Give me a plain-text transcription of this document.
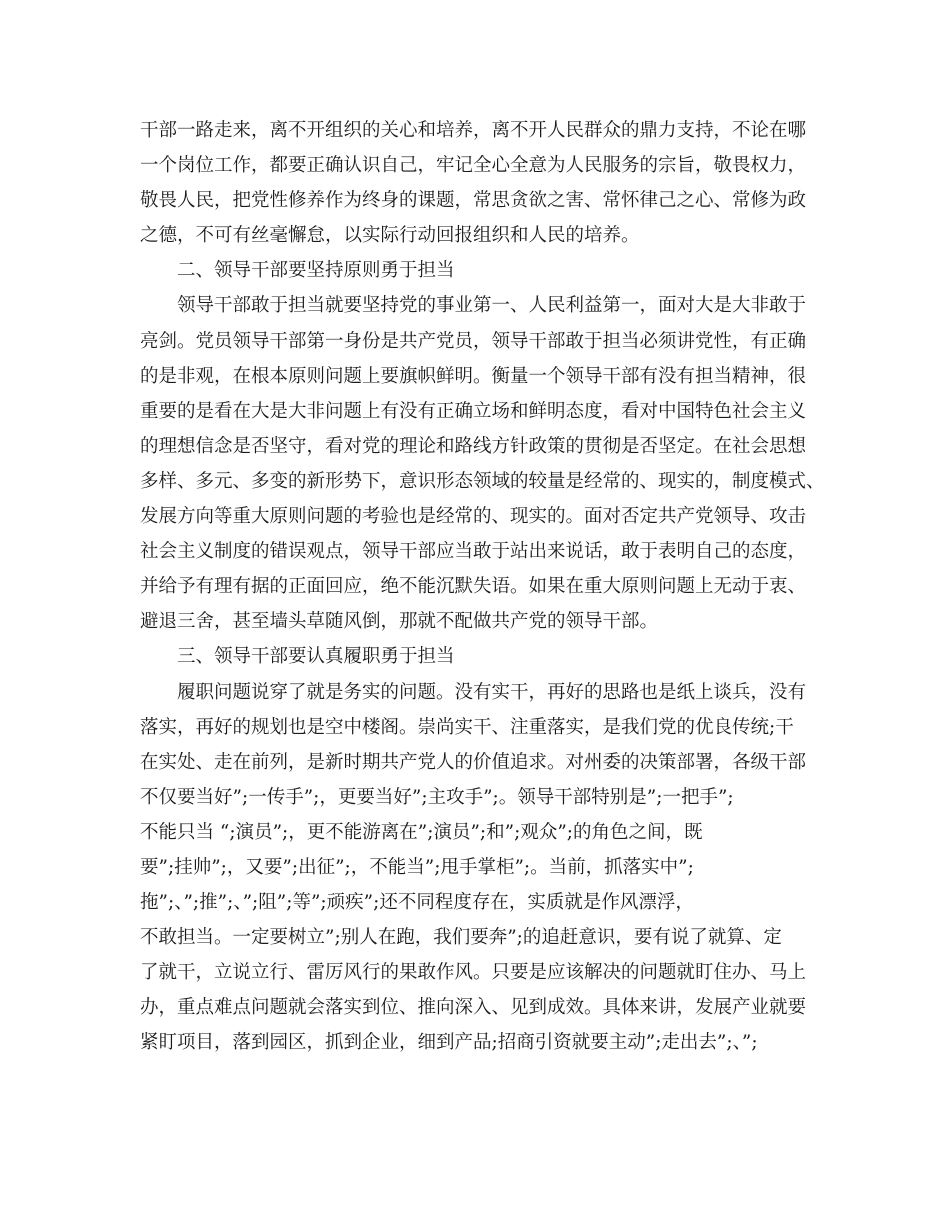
干部一路走来，离不开组织的关心和培养，离不开人民群众的鼎力支持，不论在哪
一个岗位工作，都要正确认识自己，牢记全心全意为人民服务的宗旨，敬畏权力，
敬畏人民，把党性修养作为终身的课题，常思贪欲之害、常怀律己之心、常修为政
之德，不可有丝毫懈怠，以实际行动回报组织和人民的培养。
二、领导干部要坚持原则勇于担当
领导干部敢于担当就要坚持党的事业第一、人民利益第一，面对大是大非敢于
亮剑。党员领导干部第一身份是共产党员，领导干部敢于担当必须讲党性，有正确
的是非观，在根本原则问题上要旗帜鲜明。衡量一个领导干部有没有担当精神，很
重要的是看在大是大非问题上有没有正确立场和鲜明态度，看对中国特色社会主义
的理想信念是否坚守，看对党的理论和路线方针政策的贯彻是否坚定。在社会思想
多样、多元、多变的新形势下，意识形态领域的较量是经常的、现实的，制度模式、
发展方向等重大原则问题的考验也是经常的、现实的。面对否定共产党领导、攻击
社会主义制度的错误观点，领导干部应当敢于站出来说话，敢于表明自己的态度，
并给予有理有据的正面回应，绝不能沉默失语。如果在重大原则问题上无动于衷、
避退三舍，甚至墙头草随风倒，那就不配做共产党的领导干部。
三、领导干部要认真履职勇于担当
履职问题说穿了就是务实的问题。没有实干，再好的思路也是纸上谈兵，没有
落实，再好的规划也是空中楼阁。崇尚实干、注重落实，是我们党的优良传统;干
在实处、走在前列，是新时期共产党人的价值追求。对州委的决策部署，各级干部
不仅要当好”;一传手”;，更要当好”;主攻手”;。领导干部特别是”;一把手”;
不能只当 “;演员”;，更不能游离在”;演员”;和”;观众”;的角色之间，既
要”;挂帅”;，又要”;出征”;，不能当”;甩手掌柜”;。当前，抓落实中”;
拖”;、”;推”;、”;阻”;等”;顽疾”;还不同程度存在，实质就是作风漂浮，
不敢担当。一定要树立”;别人在跑，我们要奔”;的追赶意识，要有说了就算、定
了就干，立说立行、雷厉风行的果敢作风。只要是应该解决的问题就盯住办、马上
办，重点难点问题就会落实到位、推向深入、见到成效。具体来讲，发展产业就要
紧盯项目，落到园区，抓到企业，细到产品;招商引资就要主动”;走出去”;、”;
